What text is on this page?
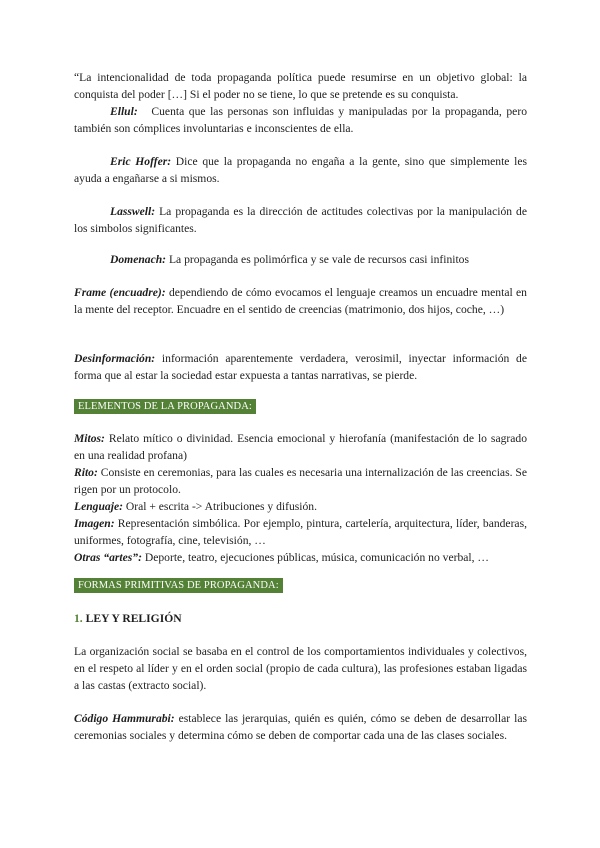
“La intencionalidad de toda propaganda política puede resumirse en un objetivo global: la conquista del poder […] Si el poder no se tiene, lo que se pretende es su conquista.

Ellul: Cuenta que las personas son influidas y manipuladas por la propaganda, pero también son cómplices involuntarias e inconscientes de ella.

Eric Hoffer: Dice que la propaganda no engaña a la gente, sino que simplemente les ayuda a engañarse a si mismos.

Lasswell: La propaganda es la dirección de actitudes colectivas por la manipulación de los simbolos significantes.

Domenach: La propaganda es polimórfica y se vale de recursos casi infinitos

Frame (encuadre): dependiendo de cómo evocamos el lenguaje creamos un encuadre mental en la mente del receptor. Encuadre en el sentido de creencias (matrimonio, dos hijos, coche, …)

Desinformación: información aparentemente verdadera, verosimil, inyectar información de forma que al estar la sociedad estar expuesta a tantas narrativas, se pierde.

ELEMENTOS DE LA PROPAGANDA:

Mitos: Relato mítico o divinidad. Esencia emocional y hierofanía (manifestación de lo sagrado en una realidad profana)

Rito: Consiste en ceremonias, para las cuales es necesaria una internalización de las creencias. Se rigen por un protocolo.

Lenguaje: Oral + escrita -> Atribuciones y difusión.

Imagen: Representación simbólica. Por ejemplo, pintura, cartelería, arquitectura, líder, banderas, uniformes, fotografía, cine, televisión, …

Otras “artes”: Deporte, teatro, ejecuciones públicas, música, comunicación no verbal, …

FORMAS PRIMITIVAS DE PROPAGANDA:
1. LEY Y RELIGIÓN

La organización social se basaba en el control de los comportamientos individuales y colectivos, en el respeto al líder y en el orden social (propio de cada cultura), las profesiones estaban ligadas a las castas (extracto social).

Código Hammurabi: establece las jerarquias, quién es quién, cómo se deben de desarrollar las ceremonias sociales y determina cómo se deben de comportar cada una de las clases sociales.
